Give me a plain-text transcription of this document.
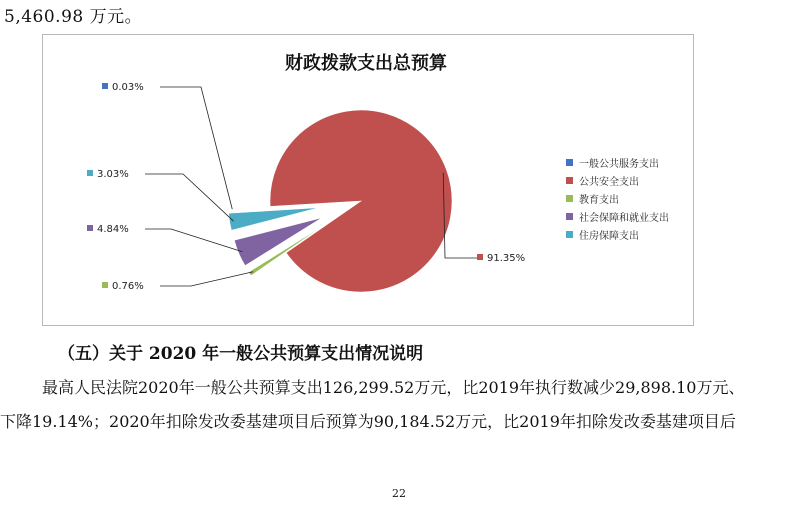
5,460.98 万元。
财政拨款支出总预算
0.03%
91.35%
0.76%
4.84%
3.03%
一般公共服务支出
公共安全支出
教育支出
社会保障和就业支出
住房保障支出
（五）关于 2020 年一般公共预算支出情况说明
最高人民法院2020年一般公共预算支出126,299.52万元，比2019年执行数减少29,898.10万元、
下降19.14%；2020年扣除发改委基建项目后预算为90,184.52万元，比2019年扣除发改委基建项目后
22
